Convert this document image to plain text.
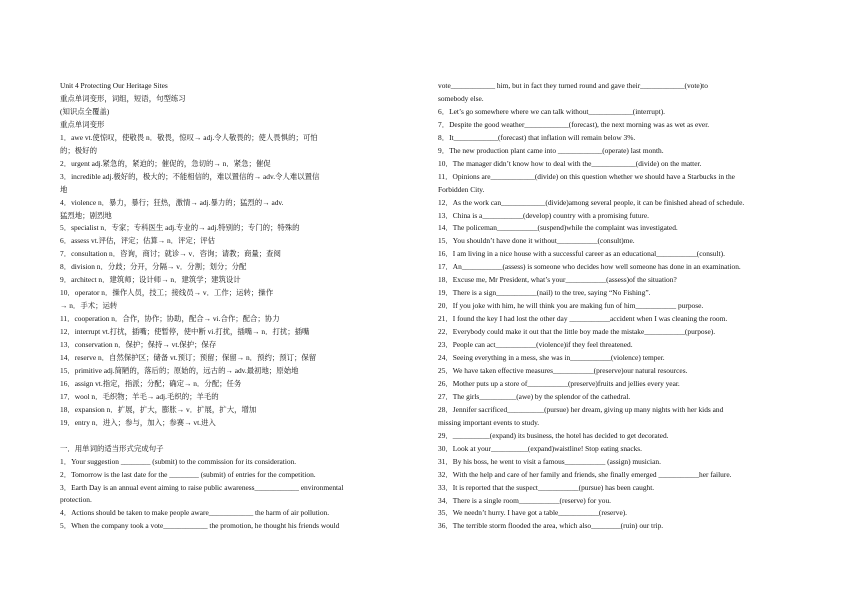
Unit 4 Protecting Our Heritage Sites
重点单词变形，词组，短语，句型练习
(知识点全覆盖)
重点单词变形
1．awe vt.使惊叹，使敬畏 n．敬畏，惊叹→ adj.令人敬畏的；使人畏惧的；可怕
的；极好的
2．urgent adj.紧急的，紧迫的；催促的，急切的→ n．紧急；催促
3．incredible adj.极好的，极大的；不能相信的，难以置信的→ adv.令人难以置信
地
4．violence n．暴力，暴行；狂热，激情→ adj.暴力的；猛烈的→ adv.
猛烈地；剧烈地
5．specialist n．专家；专科医生 adj.专业的→ adj.特别的；专门的；特殊的
6．assess vt.评估，评定；估算→ n．评定；评估
7．consultation n．咨询，商讨；就诊→ v．咨询；请教；商量；查阅
8．division n．分歧；分开，分隔→ v．分割；划分；分配
9．architect n．建筑师；设计师→ n．建筑学；建筑设计
10．operator n．操作人员，技工；接线员→ v．工作；运转；操作
→ n．手术；运转
11．cooperation n．合作，协作；协助，配合→ vi.合作；配合；协力
12．interrupt vt.打扰，插嘴；使暂停，使中断 vi.打扰，插嘴→ n．打扰；插嘴
13．conservation n．保护；保持→ vt.保护；保存
14．reserve n．自然保护区；储备 vt.预订；预留；保留→ n．预约；预订；保留
15．primitive adj.简陋的，落后的；原始的，远古的→ adv.最初地；原始地
16．assign vt.指定，指派；分配；确定→ n．分配；任务
17．wool n．毛织物；羊毛→ adj.毛织的；羊毛的
18．expansion n．扩展，扩大，膨胀→ v．扩展，扩大，增加
19．entry n．进入；参与，加入；参赛→ vt.进入
一．用单词的适当形式完成句子
1．Your suggestion ________ (submit) to the commission for its consideration.
2．Tomorrow is the last date for the ________ (submit) of entries for the competition.
3．Earth Day is an annual event aiming to raise public awareness____________ environmental
protection.
4．Actions should be taken to make people aware____________ the harm of air pollution.
5．When the company took a vote____________ the promotion, he thought his friends would
vote____________ him, but in fact they turned round and gave their____________(vote)to
somebody else.
6．Let’s go somewhere where we can talk without____________(interrupt).
7．Despite the good weather____________(forecast), the next morning was as wet as ever.
8．It____________(forecast) that inflation will remain below 3%.
9．The new production plant came into ____________(operate) last month.
10．The manager didn’t know how to deal with the____________(divide) on the matter.
11．Opinions are____________(divide) on this question whether we should have a Starbucks in the
Forbidden City.
12．As the work can____________(divide)among several people, it can be finished ahead of schedule.
13．China is a___________(develop) country with a promising future.
14．The policeman___________(suspend)while the complaint was investigated.
15．You shouldn’t have done it without___________(consult)me.
16．I am living in a nice house with a successful career as an educational___________(consult).
17．An___________(assess) is someone who decides how well someone has done in an examination.
18．Excuse me, Mr President, what’s your___________(assess)of the situation?
19．There is a sign___________(nail) to the tree, saying “No Fishing”.
20．If you joke with him, he will think you are making fun of him___________ purpose.
21．I found the key I had lost the other day ___________accident when I was cleaning the room.
22．Everybody could make it out that the little boy made the mistake___________(purpose).
23．People can act___________(violence)if they feel threatened.
24．Seeing everything in a mess, she was in___________(violence) temper.
25．We have taken effective measures___________(preserve)our natural resources.
26．Mother puts up a store of___________(preserve)fruits and jellies every year.
27．The girls__________(awe) by the splendor of the cathedral.
28．Jennifer sacrificed__________(pursue) her dream, giving up many nights with her kids and
missing important events to study.
29．__________(expand) its business, the hotel has decided to get decorated.
30．Look at your__________(expand)waistline! Stop eating snacks.
31．By his boss, he went to visit a famous___________ (assign) musician.
32．With the help and care of her family and friends, she finally emerged ___________her failure.
33．It is reported that the suspect___________(pursue) has been caught.
34．There is a single room___________(reserve) for you.
35．We needn’t hurry. I have got a table___________(reserve).
36．The terrible storm flooded the area, which also________(ruin) our trip.
